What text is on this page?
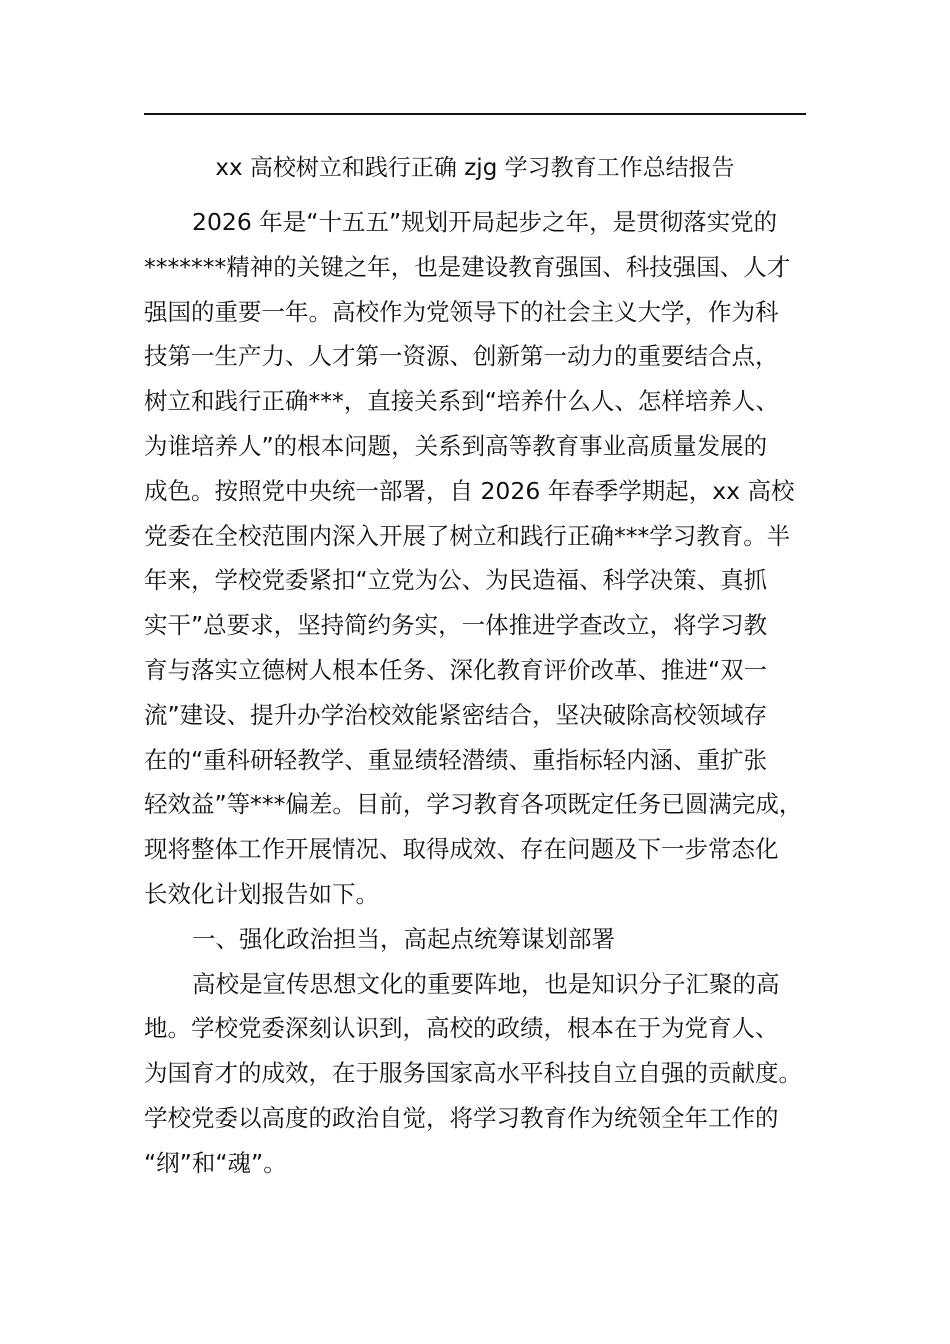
xx 高校树立和践行正确 zjg 学习教育工作总结报告
2026 年是“十五五”规划开局起步之年，是贯彻落实党的
*******精神的关键之年，也是建设教育强国、科技强国、人才
强国的重要一年。高校作为党领导下的社会主义大学，作为科
技第一生产力、人才第一资源、创新第一动力的重要结合点，
树立和践行正确***，直接关系到“培养什么人、怎样培养人、
为谁培养人”的根本问题，关系到高等教育事业高质量发展的
成色。按照党中央统一部署，自 2026 年春季学期起，xx 高校
党委在全校范围内深入开展了树立和践行正确***学习教育。半
年来，学校党委紧扣“立党为公、为民造福、科学决策、真抓
实干”总要求，坚持简约务实，一体推进学查改立，将学习教
育与落实立德树人根本任务、深化教育评价改革、推进“双一
流”建设、提升办学治校效能紧密结合，坚决破除高校领域存
在的“重科研轻教学、重显绩轻潜绩、重指标轻内涵、重扩张
轻效益”等***偏差。目前，学习教育各项既定任务已圆满完成，
现将整体工作开展情况、取得成效、存在问题及下一步常态化
长效化计划报告如下。
一、强化政治担当，高起点统筹谋划部署
高校是宣传思想文化的重要阵地，也是知识分子汇聚的高
地。学校党委深刻认识到，高校的政绩，根本在于为党育人、
为国育才的成效，在于服务国家高水平科技自立自强的贡献度。
学校党委以高度的政治自觉，将学习教育作为统领全年工作的
“纲”和“魂”。
